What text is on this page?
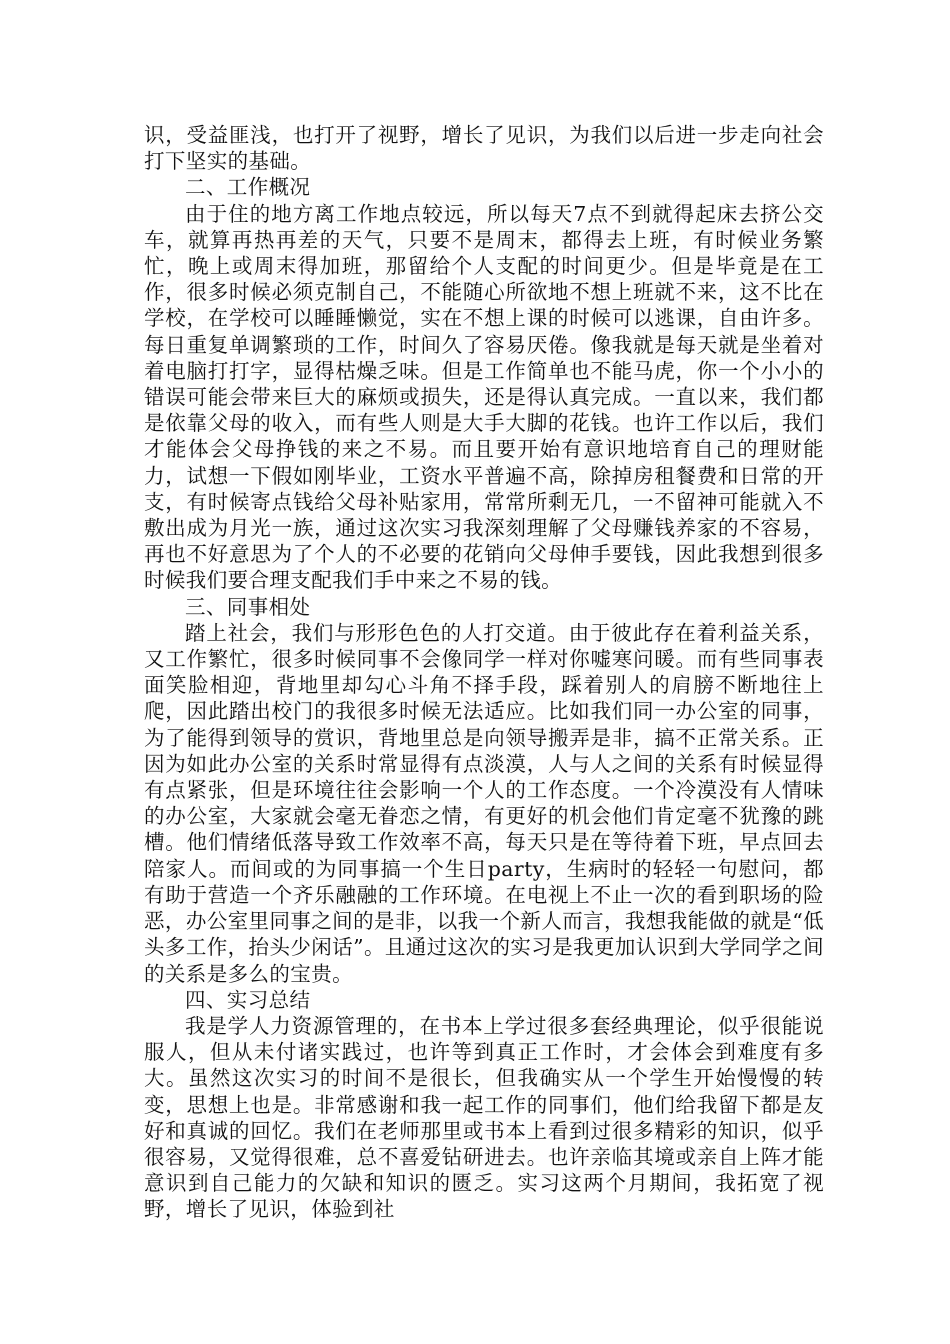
识，受益匪浅，也打开了视野，增长了见识，为我们以后进一步走向社会打下坚实的基础。

二、工作概况

由于住的地方离工作地点较远，所以每天7点不到就得起床去挤公交车，就算再热再差的天气，只要不是周末，都得去上班，有时候业务繁忙，晚上或周末得加班，那留给个人支配的时间更少。但是毕竟是在工作，很多时候必须克制自己，不能随心所欲地不想上班就不来，这不比在学校，在学校可以睡睡懒觉，实在不想上课的时候可以逃课，自由许多。每日重复单调繁琐的工作，时间久了容易厌倦。像我就是每天就是坐着对着电脑打打字，显得枯燥乏味。但是工作简单也不能马虎，你一个小小的错误可能会带来巨大的麻烦或损失，还是得认真完成。一直以来，我们都是依靠父母的收入，而有些人则是大手大脚的花钱。也许工作以后，我们才能体会父母挣钱的来之不易。而且要开始有意识地培育自己的理财能力，试想一下假如刚毕业，工资水平普遍不高，除掉房租餐费和日常的开支，有时候寄点钱给父母补贴家用，常常所剩无几，一不留神可能就入不敷出成为月光一族，通过这次实习我深刻理解了父母赚钱养家的不容易，再也不好意思为了个人的不必要的花销向父母伸手要钱，因此我想到很多时候我们要合理支配我们手中来之不易的钱。

三、同事相处

踏上社会，我们与形形色色的人打交道。由于彼此存在着利益关系，又工作繁忙，很多时候同事不会像同学一样对你嘘寒问暖。而有些同事表面笑脸相迎，背地里却勾心斗角不择手段，踩着别人的肩膀不断地往上爬，因此踏出校门的我很多时候无法适应。比如我们同一办公室的同事，为了能得到领导的赏识，背地里总是向领导搬弄是非，搞不正常关系。正因为如此办公室的关系时常显得有点淡漠，人与人之间的关系有时候显得有点紧张，但是环境往往会影响一个人的工作态度。一个冷漠没有人情味的办公室，大家就会毫无眷恋之情，有更好的机会他们肯定毫不犹豫的跳槽。他们情绪低落导致工作效率不高，每天只是在等待着下班，早点回去陪家人。而间或的为同事搞一个生日party，生病时的轻轻一句慰问，都有助于营造一个齐乐融融的工作环境。在电视上不止一次的看到职场的险恶，办公室里同事之间的是非，以我一个新人而言，我想我能做的就是“低头多工作，抬头少闲话”。且通过这次的实习是我更加认识到大学同学之间的关系是多么的宝贵。

四、实习总结

我是学人力资源管理的，在书本上学过很多套经典理论，似乎很能说服人，但从未付诸实践过，也许等到真正工作时，才会体会到难度有多大。虽然这次实习的时间不是很长，但我确实从一个学生开始慢慢的转变，思想上也是。非常感谢和我一起工作的同事们，他们给我留下都是友好和真诚的回忆。我们在老师那里或书本上看到过很多精彩的知识，似乎很容易，又觉得很难，总不喜爱钻研进去。也许亲临其境或亲自上阵才能意识到自己能力的欠缺和知识的匮乏。实习这两个月期间，我拓宽了视野，增长了见识，体验到社
